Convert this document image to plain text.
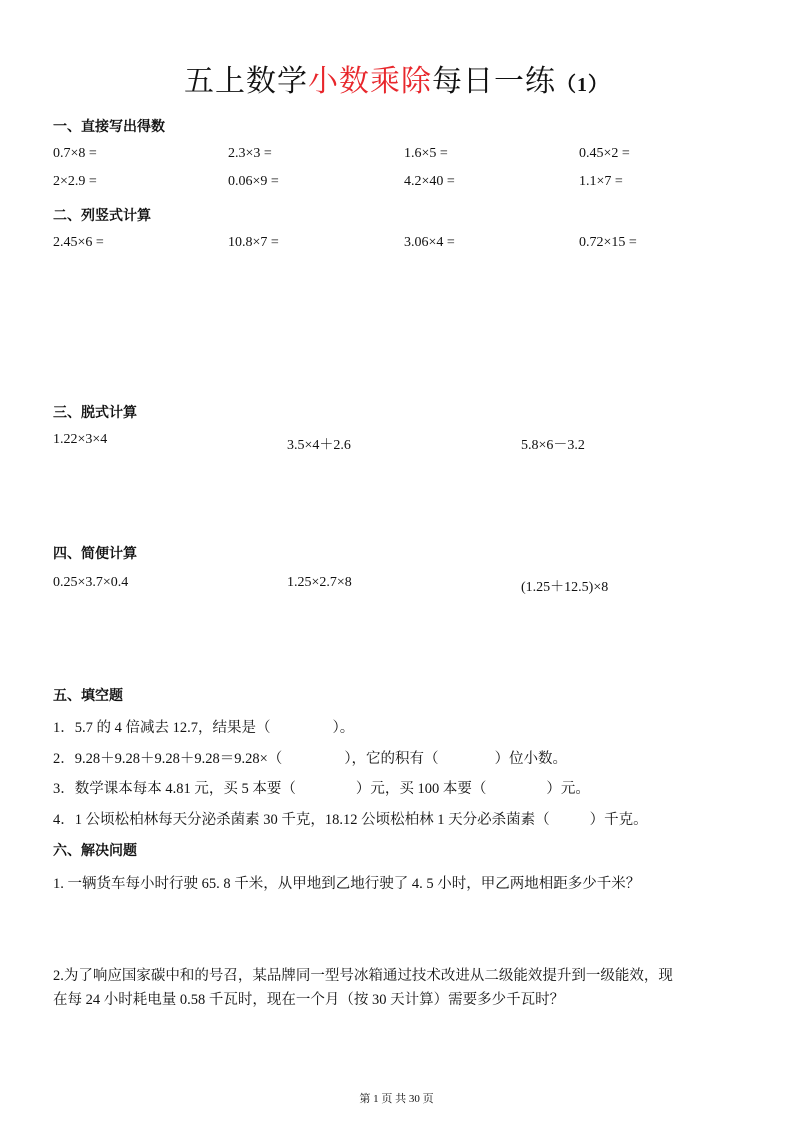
五上数学小数乘除每日一练（1）
一、直接写出得数
0.7×8 =	2.3×3 =	1.6×5 =	0.45×2 =
2×2.9 =	0.06×9 =	4.2×40 =	1.1×7 =
二、列竖式计算
2.45×6 =	10.8×7 =	3.06×4 =	0.72×15 =
三、脱式计算
1.22×3×4	3.5×4＋2.6	5.8×6－3.2
四、简便计算
0.25×3.7×0.4	1.25×2.7×8	(1.25＋12.5)×8
五、填空题
1．5.7 的 4 倍减去 12.7，结果是（	）。
2．9.28＋9.28＋9.28＋9.28＝9.28×（	），它的积有（	）位小数。
3．数学课本每本 4.81 元，买 5 本要（	）元，买 100 本要（	）元。
4．1 公顷松柏林每天分泌杀菌素 30 千克，18.12 公顷松柏林 1 天分必杀菌素（	）千克。
六、解决问题
1. 一辆货车每小时行驶 65. 8 千米，从甲地到乙地行驶了 4. 5 小时，甲乙两地相距多少千米？
2.为了响应国家碳中和的号召，某品牌同一型号冰箱通过技术改进从二级能效提升到一级能效，现
在每 24 小时耗电量 0.58 千瓦时，现在一个月（按 30 天计算）需要多少千瓦时？
第 1 页 共 30 页
